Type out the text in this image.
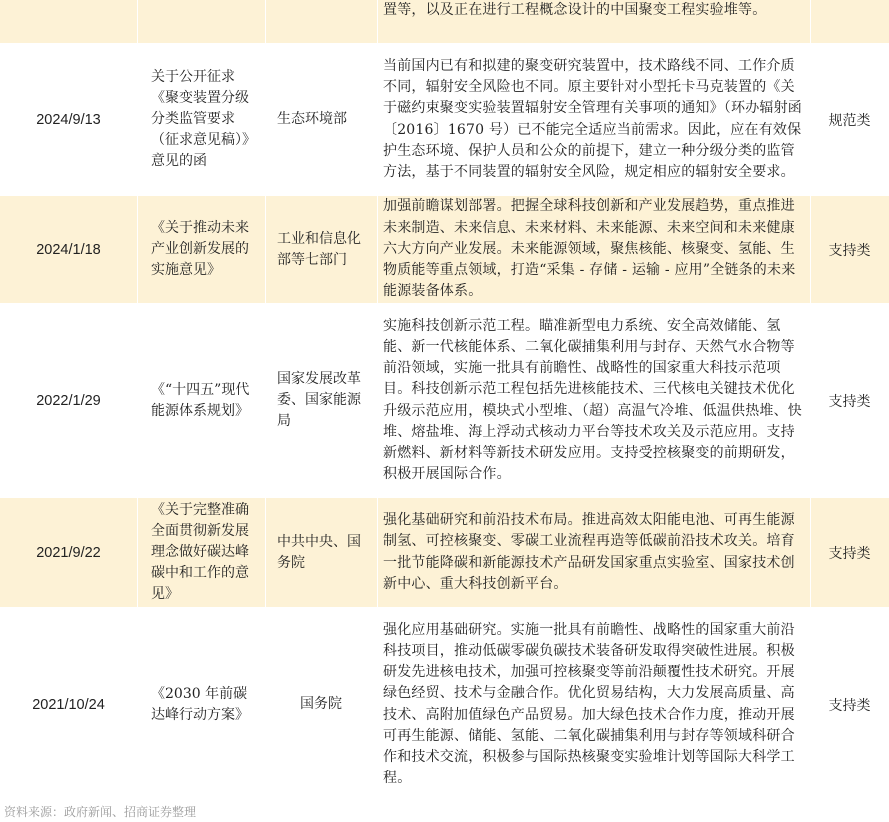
置等，以及正在进行工程概念设计的中国聚变工程实验堆等。
2024/9/13
关于公开征求《聚变装置分级分类监管要求（征求意见稿）》意见的函
生态环境部
当前国内已有和拟建的聚变研究装置中，技术路线不同、工作介质不同，辐射安全风险也不同。原主要针对小型托卡马克装置的《关于磁约束聚变实验装置辐射安全管理有关事项的通知》（环办辐射函〔2016〕1670 号）已不能完全适应当前需求。因此，应在有效保护生态环境、保护人员和公众的前提下，建立一种分级分类的监管方法，基于不同装置的辐射安全风险，规定相应的辐射安全要求。
规范类
2024/1/18
《关于推动未来产业创新发展的实施意见》
工业和信息化部等七部门
加强前瞻谋划部署。把握全球科技创新和产业发展趋势，重点推进未来制造、未来信息、未来材料、未来能源、未来空间和未来健康六大方向产业发展。未来能源领域，聚焦核能、核聚变、氢能、生物质能等重点领域，打造“采集 - 存储 - 运输 - 应用”全链条的未来能源装备体系。
支持类
2022/1/29
《“十四五”现代能源体系规划》
国家发展改革委、国家能源局
实施科技创新示范工程。瞄准新型电力系统、安全高效储能、氢能、新一代核能体系、二氧化碳捕集利用与封存、天然气水合物等前沿领域，实施一批具有前瞻性、战略性的国家重大科技示范项目。科技创新示范工程包括先进核能技术、三代核电关键技术优化升级示范应用，模块式小型堆、（超）高温气冷堆、低温供热堆、快堆、熔盐堆、海上浮动式核动力平台等技术攻关及示范应用。支持新燃料、新材料等新技术研发应用。支持受控核聚变的前期研发，积极开展国际合作。
支持类
2021/9/22
《关于完整准确全面贯彻新发展理念做好碳达峰碳中和工作的意见》
中共中央、国务院
强化基础研究和前沿技术布局。推进高效太阳能电池、可再生能源制氢、可控核聚变、零碳工业流程再造等低碳前沿技术攻关。培育一批节能降碳和新能源技术产品研发国家重点实验室、国家技术创新中心、重大科技创新平台。
支持类
2021/10/24
《2030 年前碳达峰行动方案》
国务院
强化应用基础研究。实施一批具有前瞻性、战略性的国家重大前沿科技项目，推动低碳零碳负碳技术装备研发取得突破性进展。积极研发先进核电技术，加强可控核聚变等前沿颠覆性技术研究。开展绿色经贸、技术与金融合作。优化贸易结构，大力发展高质量、高技术、高附加值绿色产品贸易。加大绿色技术合作力度，推动开展可再生能源、储能、氢能、二氧化碳捕集利用与封存等领域科研合作和技术交流，积极参与国际热核聚变实验堆计划等国际大科学工程。
支持类
资料来源：政府新闻、招商证券整理
